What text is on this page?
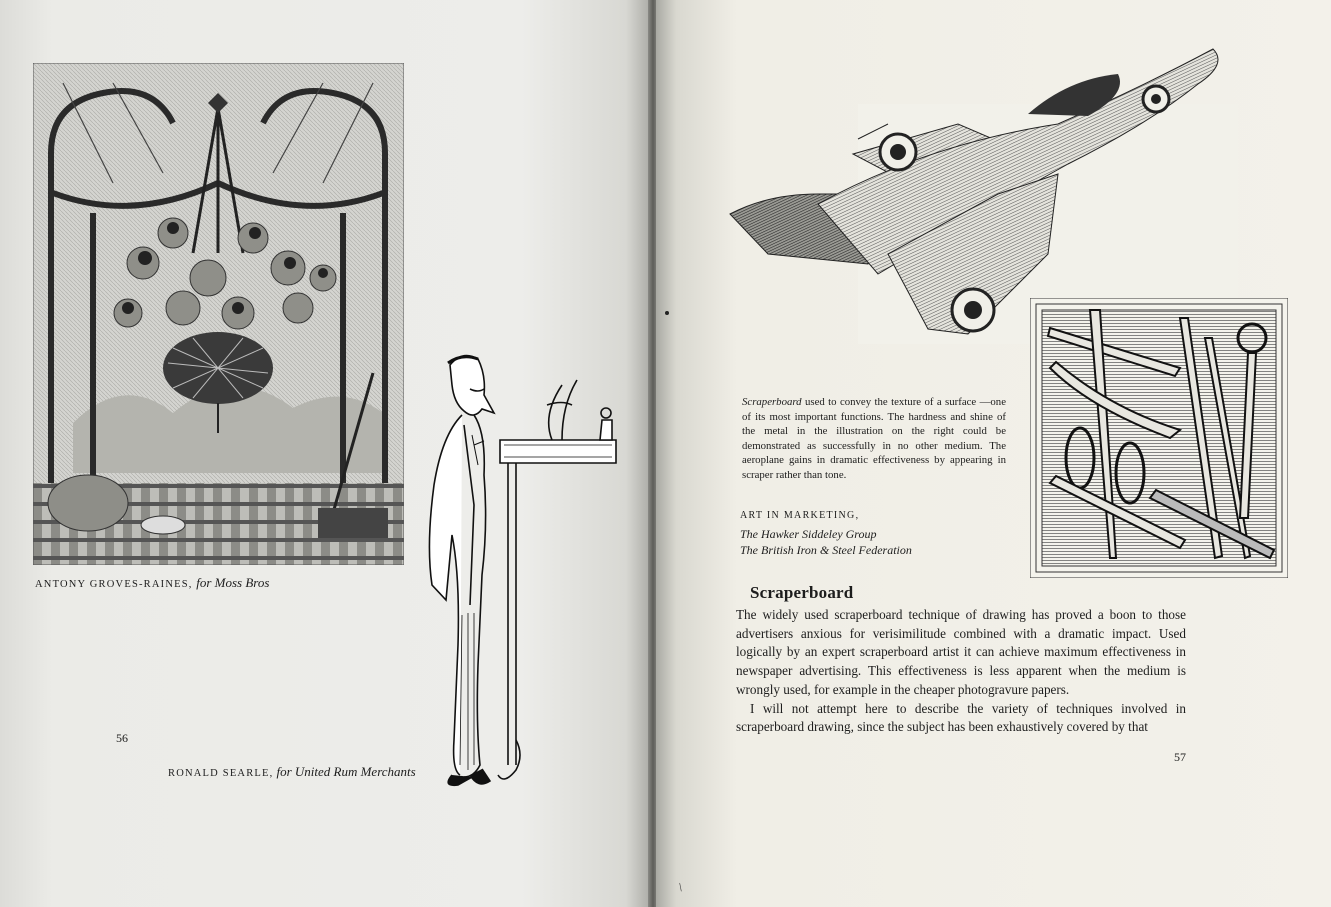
ANTONY GROVES-RAINES, for Moss Bros
56
RONALD SEARLE, for United Rum Merchants
Scraperboard used to convey the texture of a surface —one of its most important functions. The hardness and shine of the metal in the illustration on the right could be demonstrated as successfully in no other medium. The aeroplane gains in dramatic effectiveness by appearing in scraper rather than tone.
ART IN MARKETING,
The Hawker Siddeley Group
The British Iron & Steel Federation
Scraperboard

The widely used scraperboard technique of drawing has proved a boon to those advertisers anxious for verisimilitude combined with a dramatic impact. Used logically by an expert scraperboard artist it can achieve maximum effectiveness in newspaper advertising. This effectiveness is less apparent when the medium is wrongly used, for example in the cheaper photogravure papers.

I will not attempt here to describe the variety of techniques involved in scraperboard drawing, since the subject has been exhaustively covered by that

57
/
